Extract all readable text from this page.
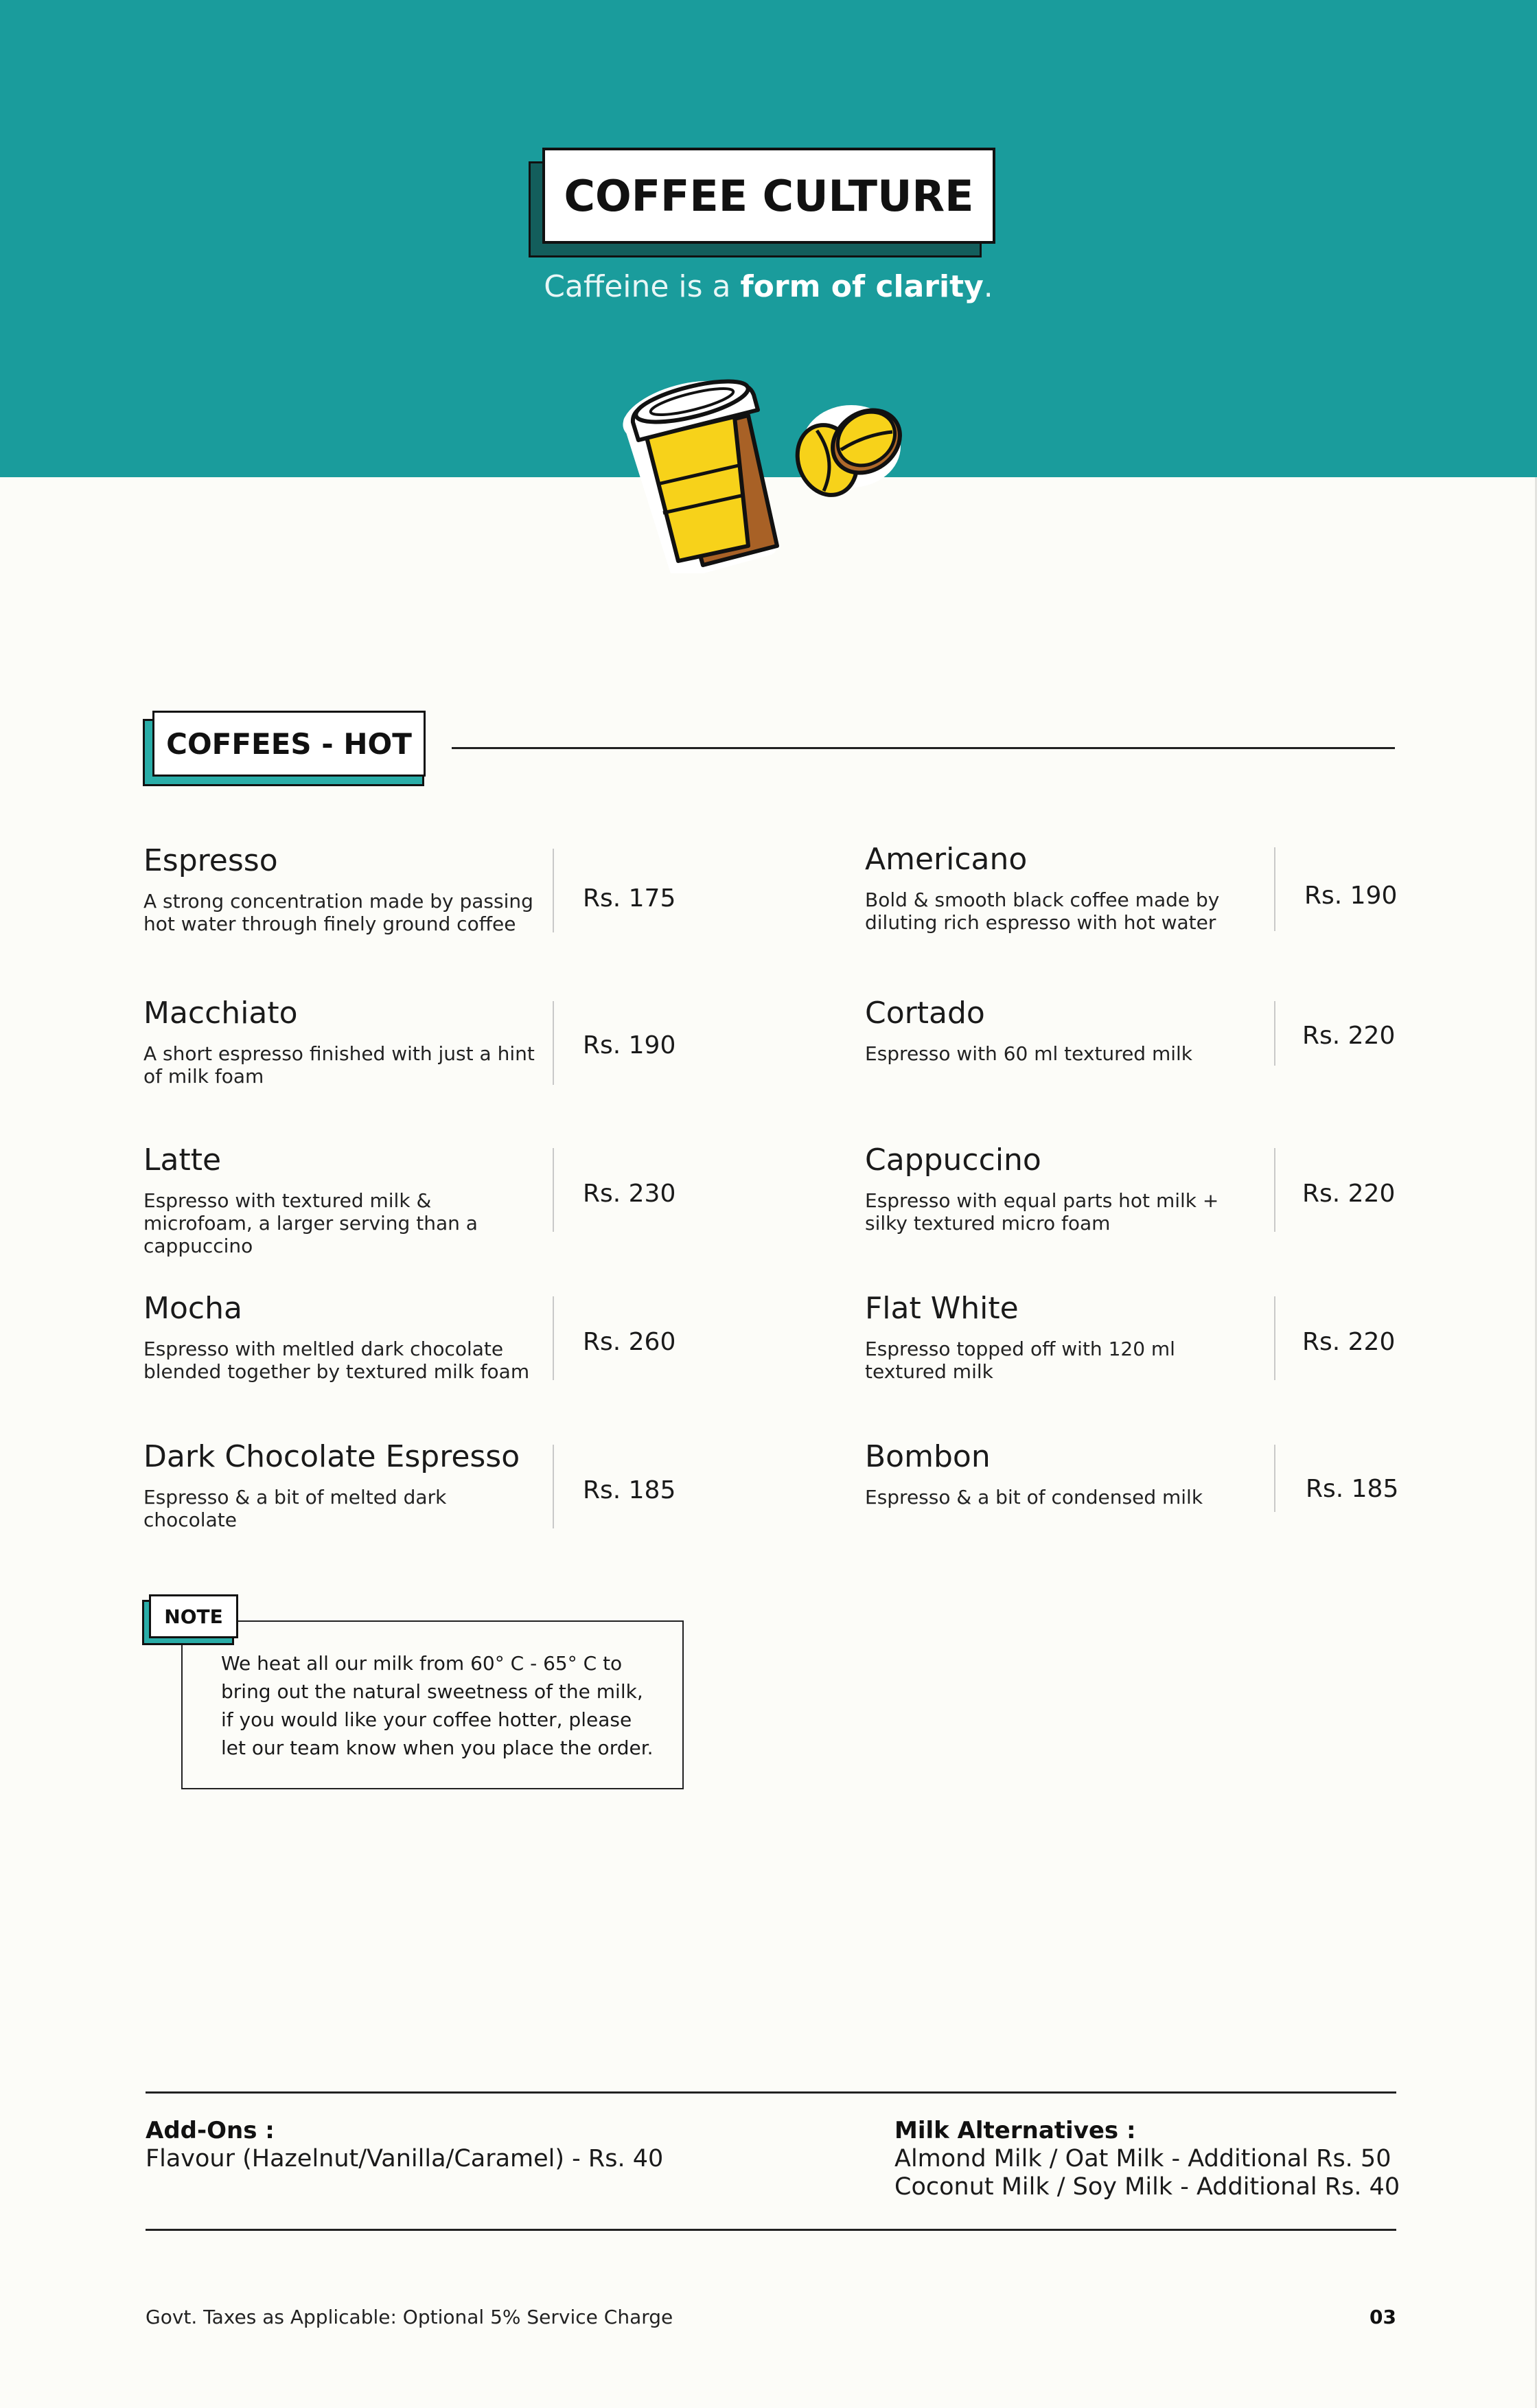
COFFEE CULTURE
Caffeine is a form of clarity.
COFFEES - HOT
Espresso
A strong concentration made by passing hot water through finely ground coffee
Rs. 175
Macchiato
A short espresso finished with just a hint of milk foam
Rs. 190
Latte
Espresso with textured milk & microfoam, a larger serving than a cappuccino
Rs. 230
Mocha
Espresso with meltled dark chocolate blended together by textured milk foam
Rs. 260
Dark Chocolate Espresso
Espresso & a bit of melted dark chocolate
Rs. 185
Americano
Bold & smooth black coffee made by diluting rich espresso with hot water
Rs. 190
Cortado
Espresso with 60 ml textured milk
Rs. 220
Cappuccino
Espresso with equal parts hot milk + silky textured micro foam
Rs. 220
Flat White
Espresso topped off with 120 ml textured milk
Rs. 220
Bombon
Espresso & a bit of condensed milk	Rs. 185
NOTE
We heat all our milk from 60° C - 65° C to bring out the natural sweetness of the milk, if you would like your coffee hotter, please let our team know when you place the order.
Add-Ons :
Flavour (Hazelnut/Vanilla/Caramel) - Rs. 40
Milk Alternatives :
Almond Milk / Oat Milk - Additional Rs. 50
Coconut Milk / Soy Milk - Additional Rs. 40
Govt. Taxes as Applicable: Optional 5% Service Charge	03
